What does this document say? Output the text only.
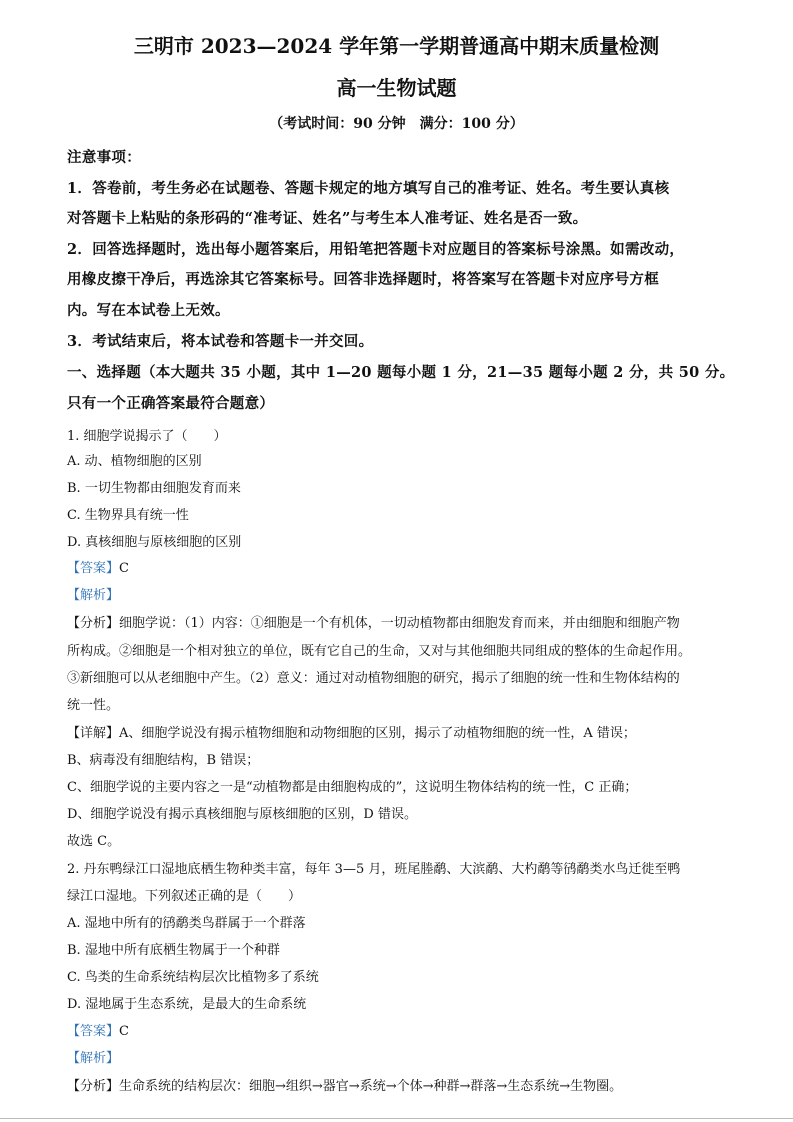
三明市 2023—2024 学年第一学期普通高中期末质量检测
高一生物试题
（考试时间：90 分钟　满分：100 分）
注意事项：
1．答卷前，考生务必在试题卷、答题卡规定的地方填写自己的准考证、姓名。考生要认真核
对答题卡上粘贴的条形码的“准考证、姓名”与考生本人准考证、姓名是否一致。
2．回答选择题时，选出每小题答案后，用铅笔把答题卡对应题目的答案标号涂黑。如需改动，
用橡皮擦干净后，再选涂其它答案标号。回答非选择题时，将答案写在答题卡对应序号方框
内。写在本试卷上无效。
3．考试结束后，将本试卷和答题卡一并交回。
一、选择题（本大题共 35 小题，其中 1—20 题每小题 1 分，21—35 题每小题 2 分，共 50 分。
只有一个正确答案最符合题意）
1. 细胞学说揭示了（　　）
A. 动、植物细胞的区别
B. 一切生物都由细胞发育而来
C. 生物界具有统一性
D. 真核细胞与原核细胞的区别
【答案】C
【解析】
【分析】细胞学说：（1）内容：①细胞是一个有机体，一切动植物都由细胞发育而来，并由细胞和细胞产物
所构成。②细胞是一个相对独立的单位，既有它自己的生命，又对与其他细胞共同组成的整体的生命起作用。
③新细胞可以从老细胞中产生。（2）意义：通过对动植物细胞的研究，揭示了细胞的统一性和生物体结构的
统一性。
【详解】A、细胞学说没有揭示植物细胞和动物细胞的区别，揭示了动植物细胞的统一性，A 错误；
B、病毒没有细胞结构，B 错误；
C、细胞学说的主要内容之一是“动植物都是由细胞构成的”，这说明生物体结构的统一性，C 正确；
D、细胞学说没有揭示真核细胞与原核细胞的区别，D 错误。
故选 C。
2. 丹东鸭绿江口湿地底栖生物种类丰富，每年 3—5 月，班尾塍鹬、大滨鹬、大杓鹬等鸻鹬类水鸟迁徙至鸭
绿江口湿地。下列叙述正确的是（　　）
A. 湿地中所有的鸻鹬类鸟群属于一个群落
B. 湿地中所有底栖生物属于一个种群
C. 鸟类的生命系统结构层次比植物多了系统
D. 湿地属于生态系统，是最大的生命系统
【答案】C
【解析】
【分析】生命系统的结构层次：细胞→组织→器官→系统→个体→种群→群落→生态系统→生物圈。
